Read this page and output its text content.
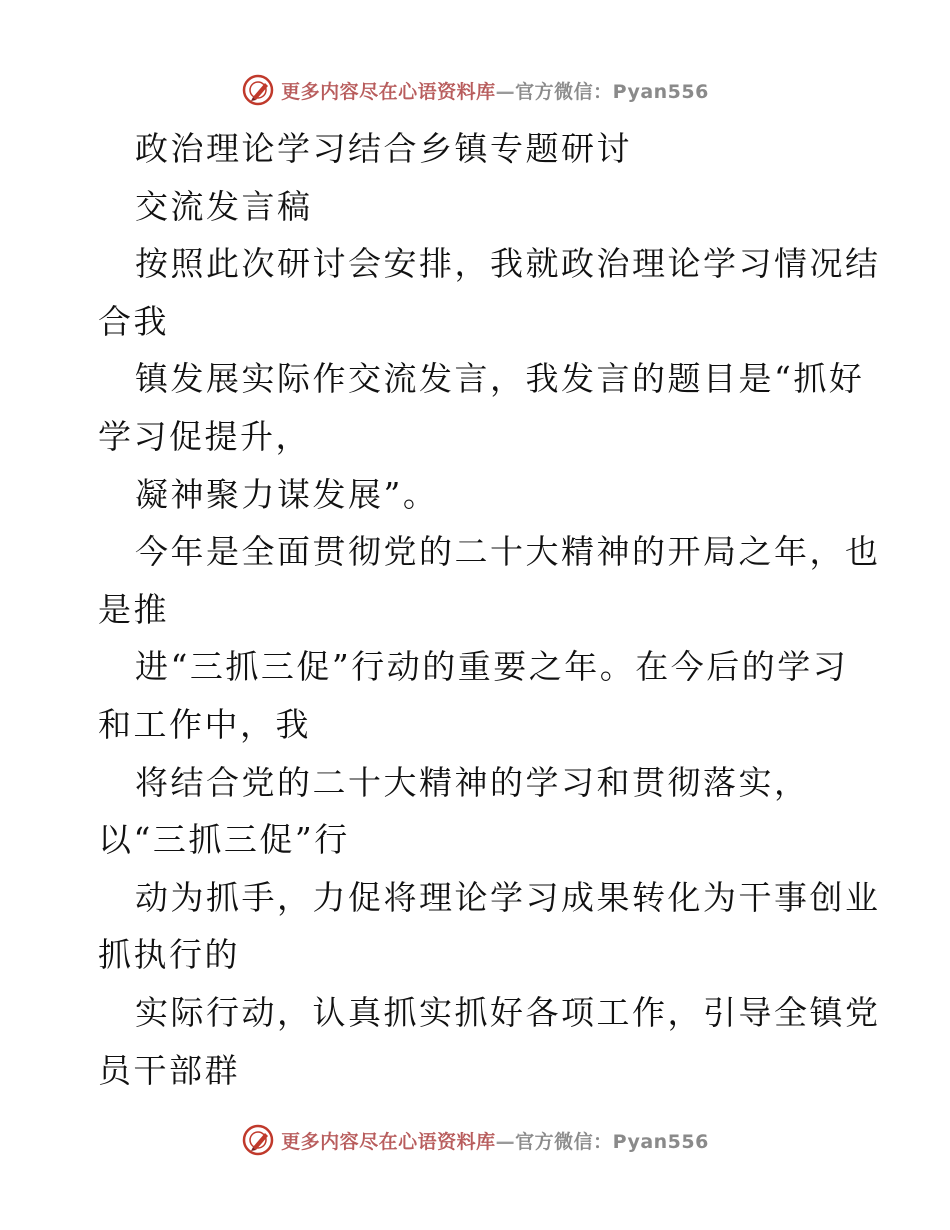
更多内容尽在心语资料库—官方微信：Pyan556
政治理论学习结合乡镇专题研讨
交流发言稿
按照此次研讨会安排，我就政治理论学习情况结
合我
镇发展实际作交流发言，我发言的题目是“抓好
学习促提升，
凝神聚力谋发展”。
今年是全面贯彻党的二十大精神的开局之年，也
是推
进“三抓三促”行动的重要之年。在今后的学习
和工作中，我
将结合党的二十大精神的学习和贯彻落实，
以“三抓三促”行
动为抓手，力促将理论学习成果转化为干事创业
抓执行的
实际行动，认真抓实抓好各项工作，引导全镇党
员干部群
更多内容尽在心语资料库—官方微信：Pyan556
